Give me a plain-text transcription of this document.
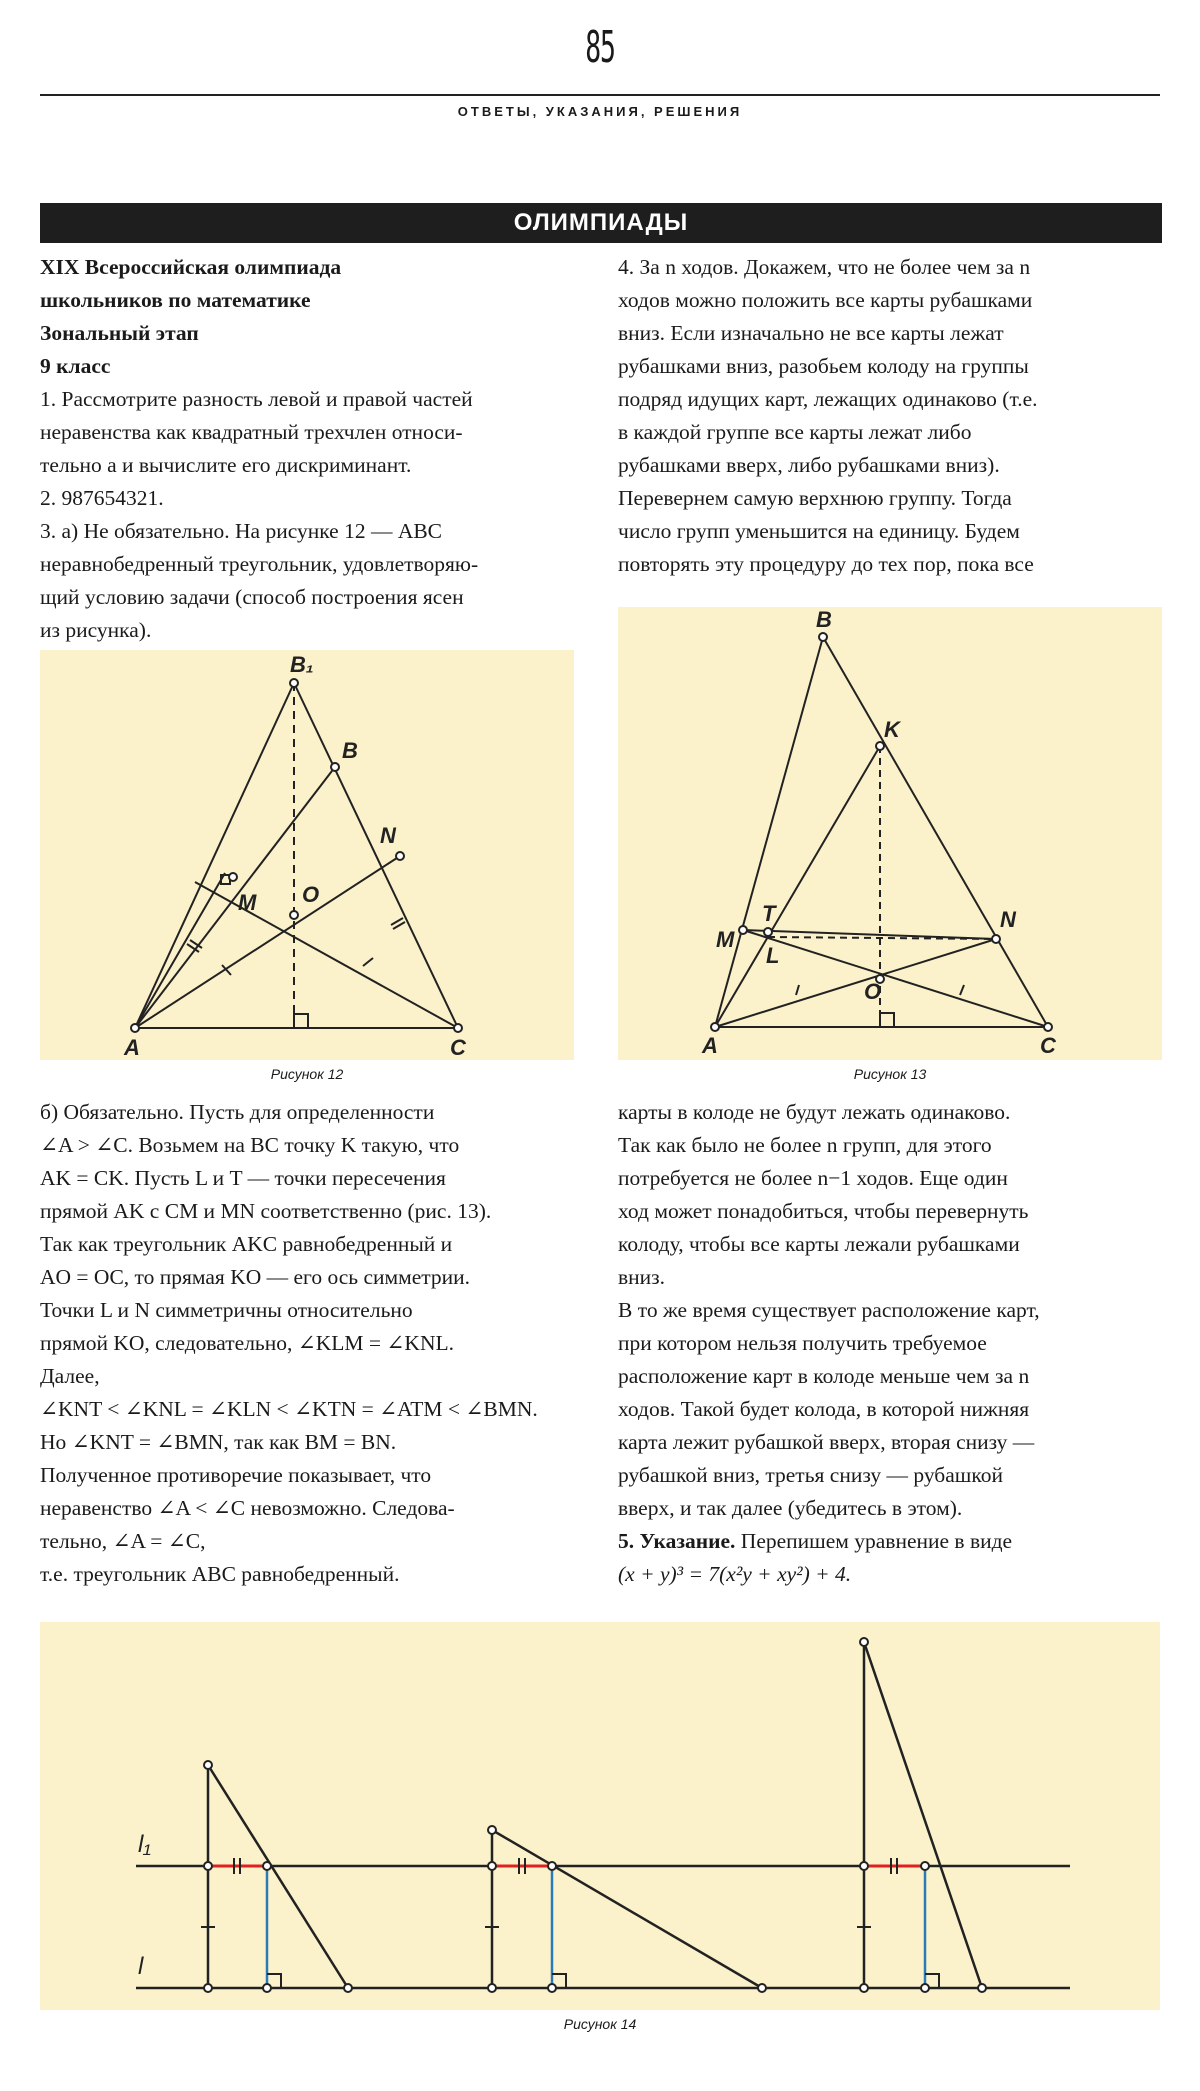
85
ОТВЕТЫ, УКАЗАНИЯ, РЕШЕНИЯ
ОЛИМПИАДЫ
XIX Всероссийская олимпиада
школьников по математике
Зональный этап
9 класс
1. Рассмотрите разность левой и правой частей
неравенства как квадратный трехчлен относи-
тельно a и вычислите его дискриминант.
2. 987654321.
3. а) Не обязательно. На рисунке 12 — ABC
неравнобедренный треугольник, удовлетворяю-
щий условию задачи (способ построения ясен
из рисунка).
4. За n ходов. Докажем, что не более чем за n
ходов можно положить все карты рубашками
вниз. Если изначально не все карты лежат
рубашками вниз, разобьем колоду на группы
подряд идущих карт, лежащих одинаково (т.е.
в каждой группе все карты лежат либо
рубашками вверх, либо рубашками вниз).
Перевернем самую верхнюю группу. Тогда
число групп уменьшится на единицу. Будем
повторять эту процедуру до тех пор, пока все
B₁
B
N
O
M
A	C
Рисунок 12
B
K
T
M
L
N
O
A	C
Рисунок 13
б) Обязательно. Пусть для определенности
∠A > ∠C. Возьмем на BC точку K такую, что
AK = CK. Пусть L и T — точки пересечения
прямой AK с CM и MN соответственно (рис. 13).
Так как треугольник AKC равнобедренный и
AO = OC, то прямая KO — его ось симметрии.
Точки L и N симметричны относительно
прямой KO, следовательно, ∠KLM = ∠KNL.
Далее,
∠KNT < ∠KNL = ∠KLN < ∠KTN = ∠ATM < ∠BMN.
Но ∠KNT = ∠BMN, так как BM = BN.
Полученное противоречие показывает, что
неравенство ∠A < ∠C невозможно. Следова-
тельно, ∠A = ∠C,
т.е. треугольник ABC равнобедренный.
карты в колоде не будут лежать одинаково.
Так как было не более n групп, для этого
потребуется не более n−1 ходов. Еще один
ход может понадобиться, чтобы перевернуть
колоду, чтобы все карты лежали рубашками
вниз.
В то же время существует расположение карт,
при котором нельзя получить требуемое
расположение карт в колоде меньше чем за n
ходов. Такой будет колода, в которой нижняя
карта лежит рубашкой вверх, вторая снизу —
рубашкой вниз, третья снизу — рубашкой
вверх, и так далее (убедитесь в этом).
5. Указание. Перепишем уравнение в виде
(x + y)³ = 7(x²y + xy²) + 4.
l₁
l
Рисунок 14
